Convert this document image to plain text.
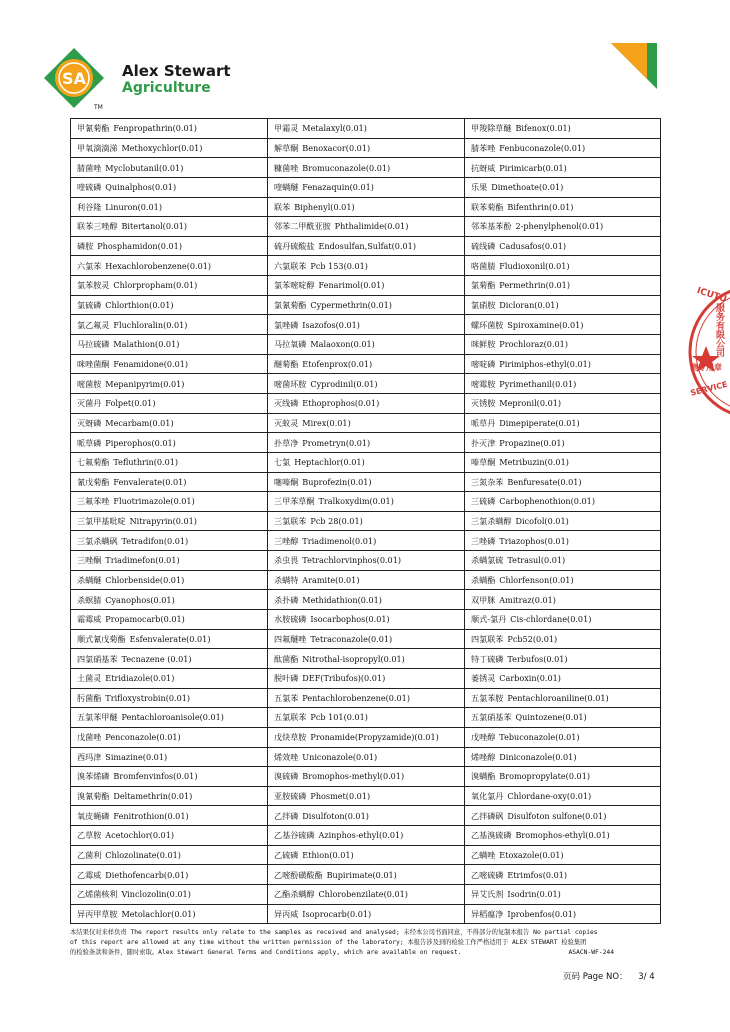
SA Alex Stewart
Agriculture
TM
ICUTU
服务有限公司
测专用章
SERVICE
甲氰菊酯 Fenpropathrin(0.01)	甲霜灵 Metalaxyl(0.01)	甲羧除草醚 Bifenox(0.01)
甲氧滴滴涕 Methoxychlor(0.01)	解草酮 Benoxacor(0.01)	腈苯唑 Fenbuconazole(0.01)
腈菌唑 Myclobutanil(0.01)	糠菌唑 Bromuconazole(0.01)	抗蚜威 Pirimicarb(0.01)
喹硫磷 Quinalphos(0.01)	喹螨醚 Fenazaquin(0.01)	乐果 Dimethoate(0.01)
利谷隆 Linuron(0.01)	联苯 Biphenyl(0.01)	联苯菊酯 Bifenthrin(0.01)
联苯三唑醇 Bitertanol(0.01)	邻苯二甲酰亚胺 Phthalimide(0.01)	邻苯基苯酚 2-phenylphenol(0.01)
磷胺 Phosphamidon(0.01)	硫丹硫酸盐 Endosulfan,Sulfat(0.01)	硫线磷 Cadusafos(0.01)
六氯苯 Hexachlorobenzene(0.01)	六氯联苯 Pcb 153(0.01)	咯菌腈 Fludioxonil(0.01)
氯苯胺灵 Chlorpropham(0.01)	氯苯嘧啶醇 Fenarimol(0.01)	氯菊酯 Permethrin(0.01)
氯硫磷 Chlorthion(0.01)	氯氰菊酯 Cypermethrin(0.01)	氯硝胺 Dicloran(0.01)
氯乙氟灵 Fluchloralin(0.01)	氯唑磷 Isazofos(0.01)	螺环菌胺 Spiroxamine(0.01)
马拉硫磷 Malathion(0.01)	马拉氧磷 Malaoxon(0.01)	咪鲜胺 Prochloraz(0.01)
咪唑菌酮 Fenamidone(0.01)	醚菊酯 Etofenprox(0.01)	嘧啶磷 Pirimiphos-ethyl(0.01)
嘧菌胺 Mepanipyrim(0.01)	嘧菌环胺 Cyprodinil(0.01)	嘧霉胺 Pyrimethanil(0.01)
灭菌丹 Folpet(0.01)	灭线磷 Ethoprophos(0.01)	灭锈胺 Mepronil(0.01)
灭蚜磷 Mecarbam(0.01)	灭蚁灵 Mirex(0.01)	哌草丹 Dimepiperate(0.01)
哌草磷 Piperophos(0.01)	扑草净 Prometryn(0.01)	扑灭津 Propazine(0.01)
七氟菊酯 Tefluthrin(0.01)	七氯 Heptachlor(0.01)	嗪草酮 Metribuzin(0.01)
氰戊菊酯 Fenvalerate(0.01)	噻嗪酮 Buprofezin(0.01)	三氮杂苯 Benfuresate(0.01)
三氟苯唑 Fluotrimazole(0.01)	三甲苯草酮 Tralkoxydim(0.01)	三硫磷 Carbophenothion(0.01)
三氯甲基吡啶 Nitrapyrin(0.01)	三氯联苯 Pcb 28(0.01)	三氯杀螨醇 Dicofol(0.01)
三氯杀螨砜 Tetradifon(0.01)	三唑醇 Triadimenol(0.01)	三唑磷 Triazophos(0.01)
三唑酮 Triadimefon(0.01)	杀虫畏 Tetrachlorvinphos(0.01)	杀螨氯硫 Tetrasul(0.01)
杀螨醚 Chlorbenside(0.01)	杀螨特 Aramite(0.01)	杀螨酯 Chlorfenson(0.01)
杀螟腈 Cyanophos(0.01)	杀扑磷 Methidathion(0.01)	双甲脒 Amitraz(0.01)
霜霉威 Propamocarb(0.01)	水胺硫磷 Isocarbophos(0.01)	顺式-氯丹 Cis-chlordane(0.01)
顺式氰戊菊酯 Esfenvalerate(0.01)	四氟醚唑 Tetraconazole(0.01)	四氯联苯 Pcb52(0.01)
四氯硝基苯 Tecnazene (0.01)	酞菌酯 Nitrothal-isopropyl(0.01)	特丁硫磷 Terbufos(0.01)
土菌灵 Etridiazole(0.01)	脱叶磷 DEF(Tribufos)(0.01)	萎锈灵 Carboxin(0.01)
肟菌酯 Trifloxystrobin(0.01)	五氯苯 Pentachlorobenzene(0.01)	五氯苯胺 Pentachloroaniline(0.01)
五氯苯甲醚 Pentachloroanisole(0.01)	五氯联苯 Pcb 101(0.01)	五氯硝基苯 Quintozene(0.01)
戊菌唑 Penconazole(0.01)	戊炔草胺 Pronamide(Propyzamide)(0.01)	戊唑醇 Tebuconazole(0.01)
西玛津 Simazine(0.01)	烯效唑 Uniconazole(0.01)	烯唑醇 Diniconazole(0.01)
溴苯烯磷 Bromfenvinfos(0.01)	溴硫磷 Bromophos-methyl(0.01)	溴螨酯 Bromopropylate(0.01)
溴氰菊酯 Deltamethrin(0.01)	亚胺硫磷 Phosmet(0.01)	氧化氯丹 Chlordane-oxy(0.01)
氧皮蝇磷 Fenitrothion(0.01)	乙拌磷 Disulfoton(0.01)	乙拌磷砜 Disulfoton sulfone(0.01)
乙草胺 Acetochlor(0.01)	乙基谷硫磷 Azinphos-ethyl(0.01)	乙基溴硫磷 Bromophos-ethyl(0.01)
乙菌利 Chlozolinate(0.01)	乙硫磷 Ethion(0.01)	乙螨唑 Etoxazole(0.01)
乙霉威 Diethofencarb(0.01)	乙嘧酚磺酸酯 Bupirimate(0.01)	乙嘧硫磷 Etrimfos(0.01)
乙烯菌核利 Vinclozolin(0.01)	乙酯杀螨醇 Chlorobenzilate(0.01)	异艾氏剂 Isodrin(0.01)
异丙甲草胺 Metolachlor(0.01)	异丙威 Isoprocarb(0.01)	异稻瘟净 Iprobenfos(0.01)
本结果仅对来样负责 The report results only relate to the samples as received and analysed; 未经本公司书面同意，不得部分的复制本报告 No partial copies
of this report are allowed at any time without the written permission of the laboratory; 本报告涉及到的检验工作严格适用于 ALEX STEWART 检验集团
的检验条款和条件，随时索取。Alex Stewart General Terms and Conditions apply, which are available on request.	ASACN-WF-244
页码 Page NO： 3/ 4
